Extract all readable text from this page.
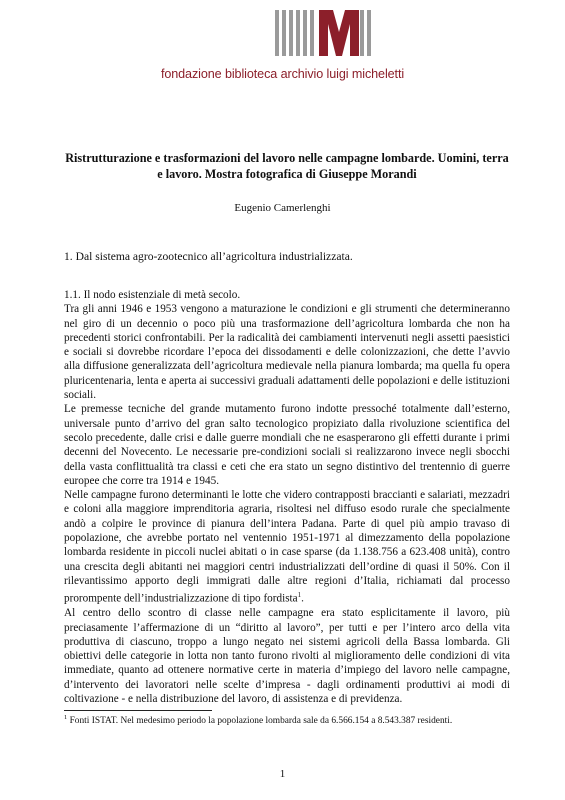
fondazione biblioteca archivio luigi micheletti
Ristrutturazione e trasformazioni del lavoro nelle campagne lombarde. Uomini, terra e lavoro. Mostra fotografica di Giuseppe Morandi
Eugenio Camerlenghi
1. Dal sistema agro-zootecnico all’agricoltura industrializzata.

1.1. Il nodo esistenziale di metà secolo.

Tra gli anni 1946 e 1953 vengono a maturazione le condizioni e gli strumenti che determineranno nel giro di un decennio o poco più una trasformazione dell’agricoltura lombarda che non ha precedenti storici confrontabili. Per la radicalità dei cambiamenti intervenuti negli assetti paesistici e sociali si dovrebbe ricordare l’epoca dei dissodamenti e delle colonizzazioni, che dette l’avvio alla diffusione generalizzata dell’agricoltura medievale nella pianura lombarda; ma quella fu opera pluricentenaria, lenta e aperta ai successivi graduali adattamenti delle popolazioni e delle istituzioni sociali.

Le premesse tecniche del grande mutamento furono indotte pressoché totalmente dall’esterno, universale punto d’arrivo del gran salto tecnologico propiziato dalla rivoluzione scientifica del secolo precedente, dalle crisi e dalle guerre mondiali che ne esasperarono gli effetti durante i primi decenni del Novecento. Le necessarie pre-condizioni sociali si realizzarono invece negli sbocchi della vasta conflittualità tra classi e ceti che era stato un segno distintivo del trentennio di guerre europee che corre tra 1914 e 1945.

Nelle campagne furono determinanti le lotte che videro contrapposti braccianti e salariati, mezzadri e coloni alla maggiore imprenditoria agraria, risoltesi nel diffuso esodo rurale che specialmente andò a colpire le province di pianura dell’intera Padana. Parte di quel più ampio travaso di popolazione, che avrebbe portato nel ventennio 1951-1971 al dimezzamento della popolazione lombarda residente in piccoli nuclei abitati o in case sparse (da 1.138.756 a 623.408 unità), contro una crescita degli abitanti nei maggiori centri industrializzati dell’ordine di quasi il 50%. Con il rilevantissimo apporto degli immigrati dalle altre regioni d’Italia, richiamati dal processo prorompente dell’industrializzazione di tipo fordista$^1$.

Al centro dello scontro di classe nelle campagne era stato esplicitamente il lavoro, più preciasamente l’affermazione di un “diritto al lavoro”, per tutti e per l’intero arco della vita produttiva di ciascuno, troppo a lungo negato nei sistemi agricoli della Bassa lombarda. Gli obiettivi delle categorie in lotta non tanto furono rivolti al miglioramento delle condizioni di vita immediate, quanto ad ottenere normative certe in materia d’impiego del lavoro nelle campagne, d’intervento dei lavoratori nelle scelte d’impresa - dagli ordinamenti produttivi ai modi di coltivazione - e nella distribuzione del lavoro, di assistenza e di previdenza.

$^1$ Fonti ISTAT. Nel medesimo periodo la popolazione lombarda sale da 6.566.154 a 8.543.387 residenti.
1
